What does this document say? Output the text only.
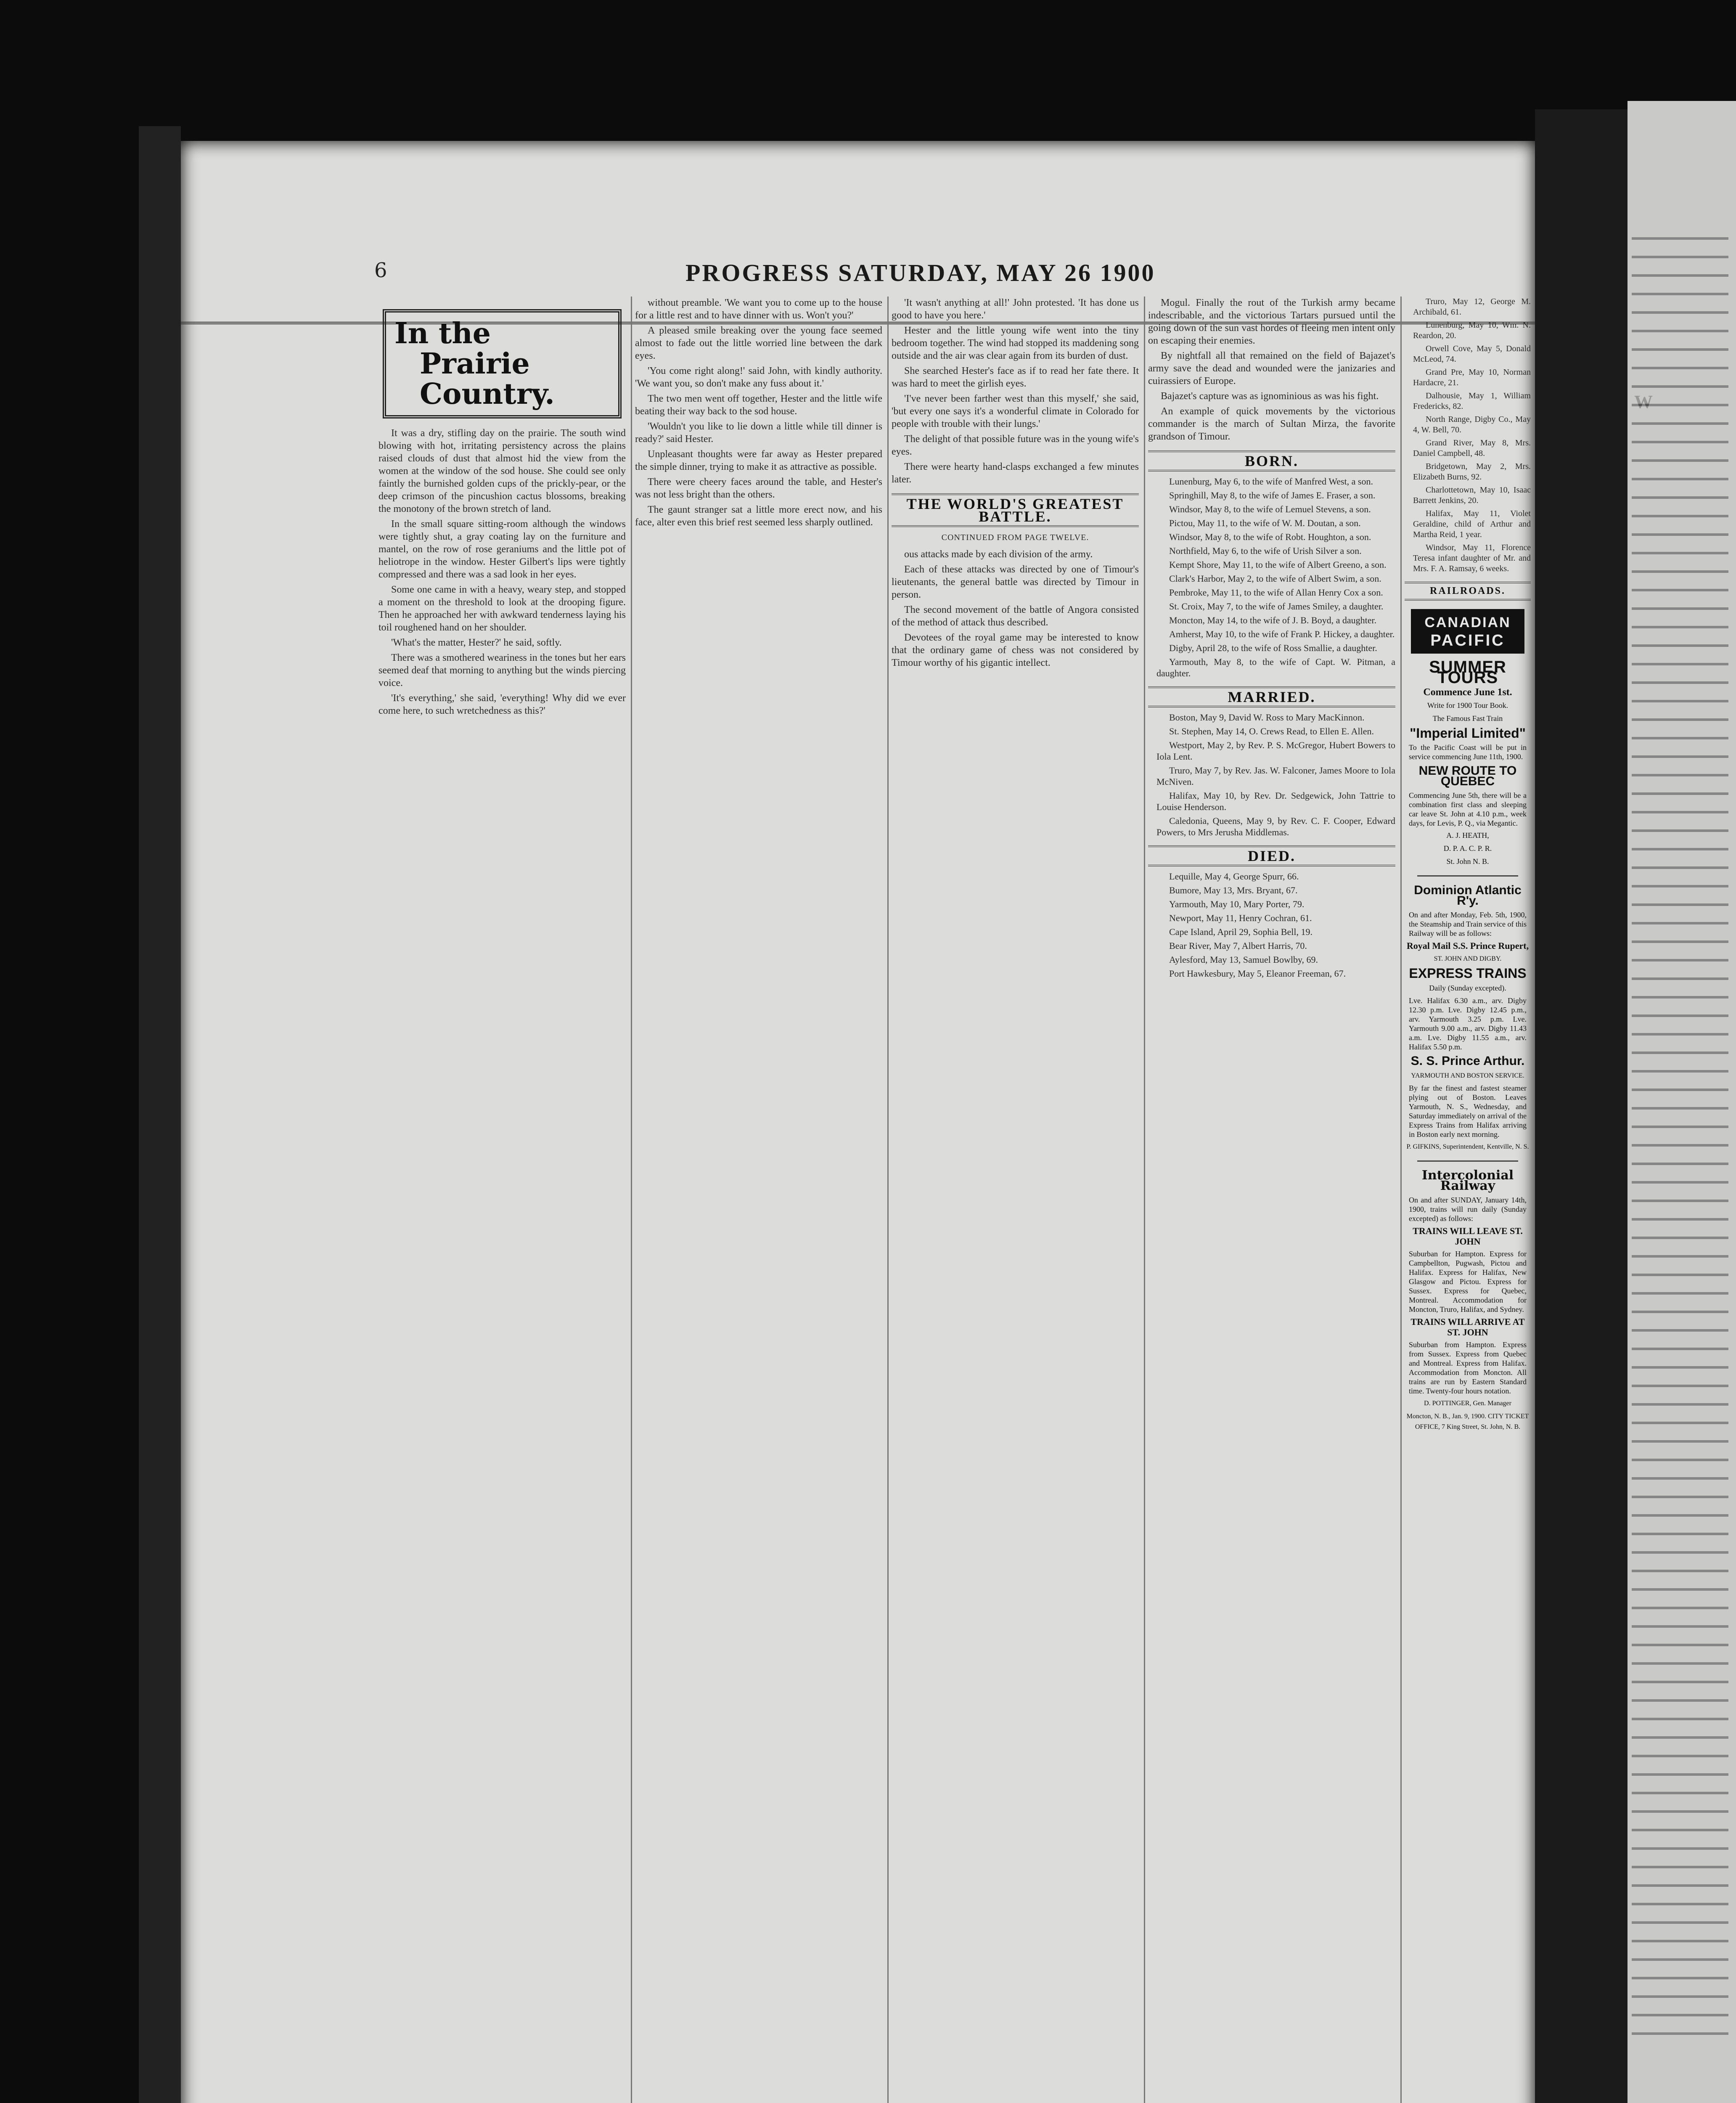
6	PROGRESS SATURDAY, MAY 26 1900
In the
Prairie Country.

It was a dry, stifling day on the prairie. The south wind blowing with hot, irritating persistency across the plains raised clouds of dust that almost hid the view from the women at the window of the sod house. She could see only faintly the burnished golden cups of the prickly-pear, or the deep crimson of the pincushion cactus blossoms, breaking the monotony of the brown stretch of land.

In the small square sitting-room although the windows were tightly shut, a gray coating lay on the furniture and mantel, on the row of rose geraniums and the little pot of heliotrope in the window. Hester Gilbert's lips were tightly compressed and there was a sad look in her eyes.

Some one came in with a heavy, weary step, and stopped a moment on the threshold to look at the drooping figure. Then he approached her with awkward tenderness laying his toil roughened hand on her shoulder.

'What's the matter, Hester?' he said, softly.

There was a smothered weariness in the tones but her ears seemed deaf that morning to anything but the winds piercing voice.

'It's everything,' she said, 'everything! Why did we ever come here, to such wretchedness as this?'

without preamble. 'We want you to come up to the house for a little rest and to have dinner with us. Won't you?'

A pleased smile breaking over the young face seemed almost to fade out the little worried line between the dark eyes.

'You come right along!' said John, with kindly authority. 'We want you, so don't make any fuss about it.'

The two men went off together, Hester and the little wife beating their way back to the sod house.

'Wouldn't you like to lie down a little while till dinner is ready?' said Hester.

Unpleasant thoughts were far away as Hester prepared the simple dinner, trying to make it as attractive as possible.

There were cheery faces around the table, and Hester's was not less bright than the others.

The gaunt stranger sat a little more erect now, and his face, alter even this brief rest seemed less sharply outlined.

'It wasn't anything at all!' John protested. 'It has done us good to have you here.'

Hester and the little young wife went into the tiny bedroom together. The wind had stopped its maddening song outside and the air was clear again from its burden of dust.

She searched Hester's face as if to read her fate there. It was hard to meet the girlish eyes.

'I've never been farther west than this myself,' she said, 'but every one says it's a wonderful climate in Colorado for people with trouble with their lungs.'

The delight of that possible future was in the young wife's eyes.

There were hearty hand-clasps exchanged a few minutes later.

THE WORLD'S GREATEST BATTLE.
CONTINUED FROM PAGE TWELVE.

ous attacks made by each division of the army.

Each of these attacks was directed by one of Timour's lieutenants, the general battle was directed by Timour in person.

The second movement of the battle of Angora consisted of the method of attack thus described.

Devotees of the royal game may be interested to know that the ordinary game of chess was not considered by Timour worthy of his gigantic intellect.

Mogul. Finally the rout of the Turkish army became indescribable, and the victorious Tartars pursued until the going down of the sun vast hordes of fleeing men intent only on escaping their enemies.

By nightfall all that remained on the field of Bajazet's army save the dead and wounded were the janizaries and cuirassiers of Europe.

Bajazet's capture was as ignominious as was his fight.

An example of quick movements by the victorious commander is the march of Sultan Mirza, the favorite grandson of Timour.

BORN.

Lunenburg, May 6, to the wife of Manfred West, a son.

Springhill, May 8, to the wife of James E. Fraser, a son.

Windsor, May 8, to the wife of Lemuel Stevens, a son.

Pictou, May 11, to the wife of W. M. Doutan, a son.

Windsor, May 8, to the wife of Robt. Houghton, a son.

Northfield, May 6, to the wife of Urish Silver a son.

Kempt Shore, May 11, to the wife of Albert Greeno, a son.

Clark's Harbor, May 2, to the wife of Albert Swim, a son.

Pembroke, May 11, to the wife of Allan Henry Cox a son.

St. Croix, May 7, to the wife of James Smiley, a daughter.

Moncton, May 14, to the wife of J. B. Boyd, a daughter.

Amherst, May 10, to the wife of Frank P. Hickey, a daughter.

Digby, April 28, to the wife of Ross Smallie, a daughter.

Yarmouth, May 8, to the wife of Capt. W. Pitman, a daughter.

MARRIED.

Boston, May 9, David W. Ross to Mary MacKinnon.

St. Stephen, May 14, O. Crews Read, to Ellen E. Allen.

Westport, May 2, by Rev. P. S. McGregor, Hubert Bowers to Iola Lent.

Truro, May 7, by Rev. Jas. W. Falconer, James Moore to Iola McNiven.

Halifax, May 10, by Rev. Dr. Sedgewick, John Tattrie to Louise Henderson.

Caledonia, Queens, May 9, by Rev. C. F. Cooper, Edward Powers, to Mrs Jerusha Middlemas.

DIED.

Lequille, May 4, George Spurr, 66.

Bumore, May 13, Mrs. Bryant, 67.

Yarmouth, May 10, Mary Porter, 79.

Newport, May 11, Henry Cochran, 61.

Cape Island, April 29, Sophia Bell, 19.

Bear River, May 7, Albert Harris, 70.

Aylesford, May 13, Samuel Bowlby, 69.

Port Hawkesbury, May 5, Eleanor Freeman, 67.

Truro, May 12, George M. Archibald, 61.

Lunenburg, May 10, Wm. N. Reardon, 20.

Orwell Cove, May 5, Donald McLeod, 74.

Grand Pre, May 10, Norman Hardacre, 21.

Dalhousie, May 1, William Fredericks, 82.

North Range, Digby Co., May 4, W. Bell, 70.

Grand River, May 8, Mrs. Daniel Campbell, 48.

Bridgetown, May 2, Mrs. Elizabeth Burns, 92.

Charlottetown, May 10, Isaac Barrett Jenkins, 20.

Halifax, May 11, Violet Geraldine, child of Arthur and Martha Reid, 1 year.

Windsor, May 11, Florence Teresa infant daughter of Mr. and Mrs. F. A. Ramsay, 6 weeks.

RAILROADS.
CANADIAN
PACIFIC
SUMMER TOURS
Commence June 1st.
Write for 1900 Tour Book.
The Famous Fast Train
"Imperial Limited"
To the Pacific Coast will be put in service commencing June 11th, 1900.
NEW ROUTE TO QUEBEC
Commencing June 5th, there will be a combination first class and sleeping car leave St. John at 4.10 p.m., week days, for Levis, P. Q., via Megantic.
A. J. HEATH,
D. P. A. C. P. R.
St. John N. B.
Dominion Atlantic R'y.
On and after Monday, Feb. 5th, 1900, the Steamship and Train service of this Railway will be as follows:
Royal Mail S.S. Prince Rupert,
ST. JOHN AND DIGBY.
EXPRESS TRAINS
Daily (Sunday excepted).
Lve. Halifax 6.30 a.m., arv. Digby 12.30 p.m. Lve. Digby 12.45 p.m., arv. Yarmouth 3.25 p.m. Lve. Yarmouth 9.00 a.m., arv. Digby 11.43 a.m. Lve. Digby 11.55 a.m., arv. Halifax 5.50 p.m.
S. S. Prince Arthur.
YARMOUTH AND BOSTON SERVICE.
By far the finest and fastest steamer plying out of Boston. Leaves Yarmouth, N. S., Wednesday, and Saturday immediately on arrival of the Express Trains from Halifax arriving in Boston early next morning.
P. GIFKINS, Superintendent, Kentville, N. S.
Intercolonial Railway
On and after SUNDAY, January 14th, 1900, trains will run daily (Sunday excepted) as follows:
TRAINS WILL LEAVE ST. JOHN
Suburban for Hampton. Express for Campbellton, Pugwash, Pictou and Halifax. Express for Halifax, New Glasgow and Pictou. Express for Sussex. Express for Quebec, Montreal. Accommodation for Moncton, Truro, Halifax, and Sydney.
TRAINS WILL ARRIVE AT ST. JOHN
Suburban from Hampton. Express from Sussex. Express from Quebec and Montreal. Express from Halifax. Accommodation from Moncton. All trains are run by Eastern Standard time. Twenty-four hours notation.
D. POTTINGER, Gen. Manager
Moncton, N. B., Jan. 9, 1900. CITY TICKET OFFICE, 7 King Street, St. John, N. B.
